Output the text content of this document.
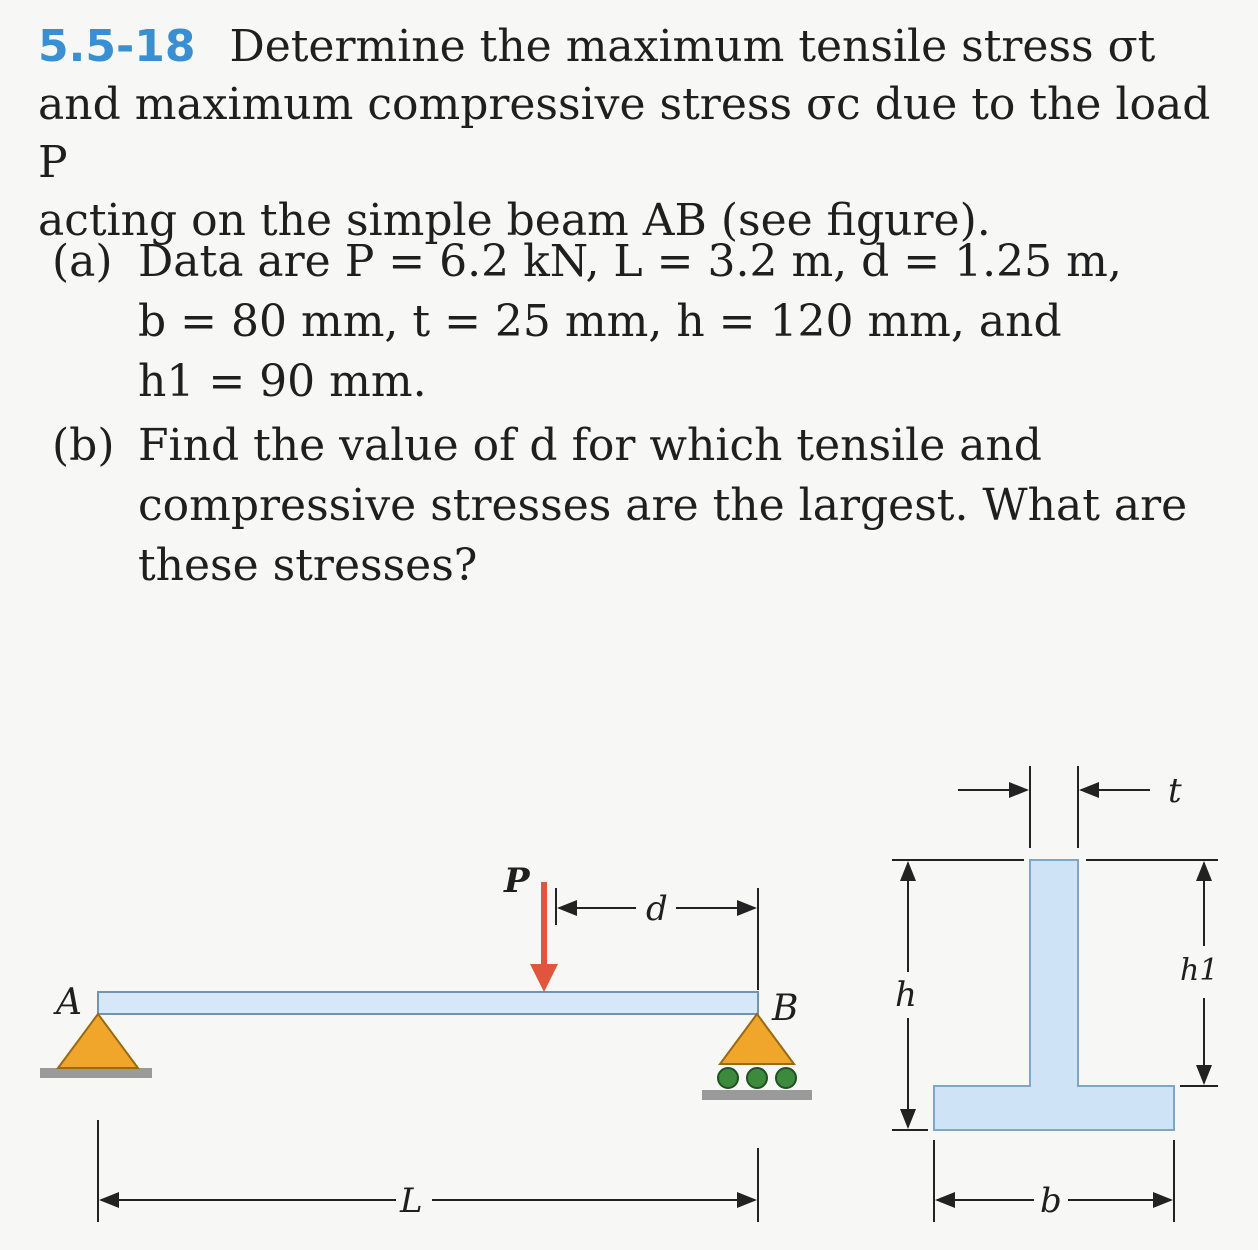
5.5-18 Determine the maximum tensile stress σt
and maximum compressive stress σc due to the load P
acting on the simple beam AB (see figure).
(a) Data are P = 6.2 kN, L = 3.2 m, d = 1.25 m,
b = 80 mm, t = 25 mm, h = 120 mm, and
h1 = 90 mm.
(b) Find the value of d for which tensile and
compressive stresses are the largest. What are
these stresses?
P
A	B
d
L
t
h
h1
b
